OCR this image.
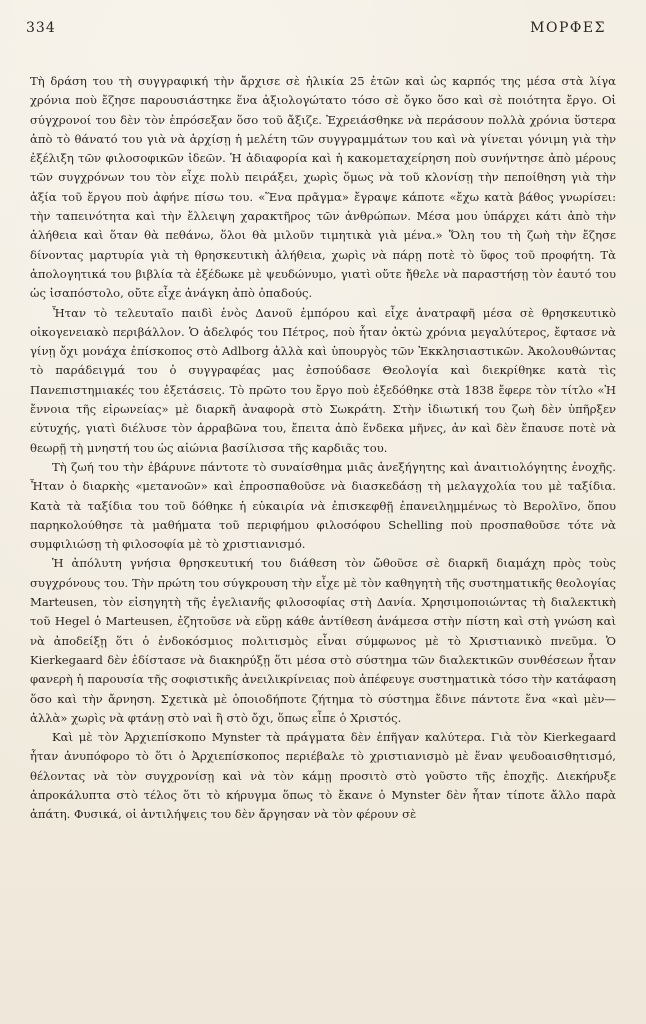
334	ΜΟΡΦΕΣ

Τὴ δράση του τὴ συγγραφική τὴν ἄρχισε σὲ ἡλικία 25 ἐτῶν καὶ ὡς καρπός της μέσα στὰ λίγα χρόνια ποὺ ἔζησε παρουσιάστηκε ἕνα ἀξιολογώτατο τόσο σὲ ὄγκο ὅσο καὶ σὲ ποιότητα ἔργο. Οἱ σύγχρονοί του δὲν τὸν ἐπρόσεξαν ὅσο τοῦ ἄξιζε. Ἐχρειάσθηκε νὰ περάσουν πολλὰ χρόνια ὕστερα ἀπὸ τὸ θάνατό του γιὰ νὰ ἀρχίσῃ ἡ μελέτη τῶν συγγραμμάτων του καὶ νὰ γίνεται γόνιμη γιὰ τὴν ἐξέλιξη τῶν φιλοσοφικῶν ἰδεῶν. Ἡ ἀδιαφορία καὶ ἡ κακομεταχείρηση ποὺ συνήντησε ἀπὸ μέρους τῶν συγχρόνων του τὸν εἶχε πολὺ πειράξει, χωρὶς ὅμως νὰ τοῦ κλονίσῃ τὴν πεποίθηση γιὰ τὴν ἀξία τοῦ ἔργου ποὺ ἀφήνε πίσω του. «Ἕνα πρᾶγμα» ἔγραψε κάποτε «ἔχω κατὰ βάθος γνωρίσει: τὴν ταπεινότητα καὶ τὴν ἔλλειψη χαρακτῆρος τῶν ἀνθρώπων. Μέσα μου ὑπάρχει κάτι ἀπὸ τὴν ἀλήθεια καὶ ὅταν θὰ πεθάνω, ὅλοι θὰ μιλοῦν τιμητικὰ γιὰ μένα.» Ὅλη του τὴ ζωὴ τὴν ἔζησε δίνοντας μαρτυρία γιὰ τὴ θρησκευτικὴ ἀλήθεια, χωρὶς νὰ πάρῃ ποτὲ τὸ ὕφος τοῦ προφήτη. Τὰ ἀπολογητικά του βιβλία τὰ ἐξέδωκε μὲ ψευδώνυμο, γιατὶ οὔτε ἤθελε νὰ παραστήσῃ τὸν ἑαυτό του ὡς ἰσαπόστολο, οὔτε εἶχε ἀνάγκη ἀπὸ ὀπαδούς.

Ἦταν τὸ τελευταῖο παιδὶ ἑνὸς Δανοῦ ἐμπόρου καὶ εἶχε ἀνατραφῆ μέσα σὲ θρησκευτικὸ οἰκογενειακὸ περιβάλλον. Ὁ ἀδελφός του Πέτρος, ποὺ ἦταν ὀκτὼ χρόνια μεγαλύτερος, ἔφτασε νὰ γίνῃ ὄχι μονάχα ἐπίσκοπος στὸ Adlborg ἀλλὰ καὶ ὑπουργὸς τῶν Ἐκκλησιαστικῶν. Ἀκολουθώντας τὸ παράδειγμά του ὁ συγγραφέας μας ἐσπούδασε Θεολογία καὶ διεκρίθηκε κατὰ τὶς Πανεπιστημιακές του ἐξετάσεις. Τὸ πρῶτο του ἔργο ποὺ ἐξεδόθηκε στὰ 1838 ἔφερε τὸν τίτλο «Ἡ ἔννοια τῆς εἰρωνείας» μὲ διαρκῆ ἀναφορὰ στὸ Σωκράτη. Στὴν ἰδιωτική του ζωὴ δὲν ὑπῆρξεν εὐτυχής, γιατὶ διέλυσε τὸν ἀρραβῶνα του, ἔπειτα ἀπὸ ἕνδεκα μῆνες, ἀν καὶ δὲν ἔπαυσε ποτὲ νὰ θεωρῇ τὴ μνηστή του ὡς αἰώνια βασίλισσα τῆς καρδιᾶς του.

Τὴ ζωή του τὴν ἐβάρυνε πάντοτε τὸ συναίσθημα μιᾶς ἀνεξήγητης καὶ ἀναιτιολόγητης ἐνοχῆς. Ἦταν ὁ διαρκὴς «μετανοῶν» καὶ ἐπροσπαθοῦσε νὰ διασκεδάσῃ τὴ μελαγχολία του μὲ ταξίδια. Κατὰ τὰ ταξίδια του τοῦ δόθηκε ἡ εὐκαιρία νὰ ἐπισκεφθῇ ἐπανειλημμένως τὸ Βερολῖνο, ὅπου παρηκολούθησε τὰ μαθήματα τοῦ περιφήμου φιλοσόφου Schelling ποὺ προσπαθοῦσε τότε νὰ συμφιλιώσῃ τὴ φιλοσοφία μὲ τὸ χριστιανισμό.

Ἡ ἀπόλυτη γνήσια θρησκευτική του διάθεση τὸν ὤθοῦσε σὲ διαρκῆ διαμάχη πρὸς τοὺς συγχρόνους του. Τὴν πρώτη του σύγκρουση τὴν εἶχε μὲ τὸν καθηγητὴ τῆς συστηματικῆς θεολογίας Marteusen, τὸν εἰσηγητὴ τῆς ἐγελιανῆς φιλοσοφίας στὴ Δανία. Χρησιμοποιώντας τὴ διαλεκτικὴ τοῦ Hegel ὁ Marteusen, ἐζητοῦσε νὰ εὕρῃ κάθε ἀντίθεση ἀνάμεσα στὴν πίστη καὶ στὴ γνώση καὶ νὰ ἀποδείξῃ ὅτι ὁ ἐνδοκόσμιος πολιτισμὸς εἶναι σύμφωνος μὲ τὸ Χριστιανικὸ πνεῦμα. Ὁ Kierkegaard δὲν ἐδίστασε νὰ διακηρύξῃ ὅτι μέσα στὸ σύστημα τῶν διαλεκτικῶν συνθέσεων ἦταν φανερὴ ἡ παρουσία τῆς σοφιστικῆς ἀνειλικρίνειας ποὺ ἀπέφευγε συστηματικὰ τόσο τὴν κατάφαση ὅσο καὶ τὴν ἄρνηση. Σχετικὰ μὲ ὁποιοδήποτε ζήτημα τὸ σύστημα ἔδινε πάντοτε ἕνα «καὶ μὲν—ἀλλὰ» χωρὶς νὰ φτάνῃ στὸ ναὶ ἢ στὸ ὄχι, ὅπως εἶπε ὁ Χριστός.

Καὶ μὲ τὸν Ἀρχιεπίσκοπο Mynster τὰ πράγματα δὲν ἐπῆγαν καλύτερα. Γιὰ τὸν Kierkegaard ἦταν ἀνυπόφορο τὸ ὅτι ὁ Ἀρχιεπίσκοπος περιέβαλε τὸ χριστιανισμὸ μὲ ἕναν ψευδοαισθητισμό, θέλοντας νὰ τὸν συγχρονίσῃ καὶ νὰ τὸν κάμῃ προσιτὸ στὸ γοῦστο τῆς ἐποχῆς. Διεκήρυξε ἀπροκάλυπτα στὸ τέλος ὅτι τὸ κήρυγμα ὅπως τὸ ἔκανε ὁ Mynster δὲν ἦταν τίποτε ἄλλο παρὰ ἀπάτη. Φυσικά, οἱ ἀντιλήψεις του δὲν ἄργησαν νὰ τὸν φέρουν σὲ
